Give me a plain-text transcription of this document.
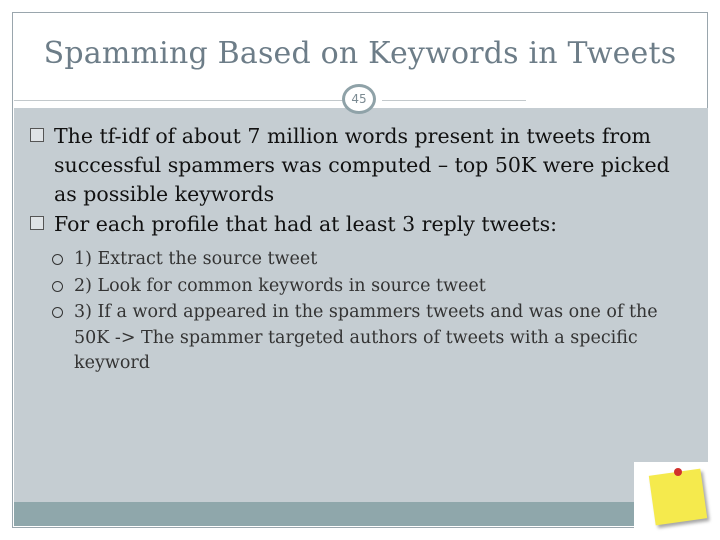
Spamming Based on Keywords in Tweets
45

The tf-idf of about 7 million words present in tweets from successful spammers was computed – top 50K were picked as possible keywords

For each profile that had at least 3 reply tweets:

1) Extract the source tweet

2) Look for common keywords in source tweet

3) If a word appeared in the spammers tweets and was one of the 50K -> The spammer targeted authors of tweets with a specific keyword
